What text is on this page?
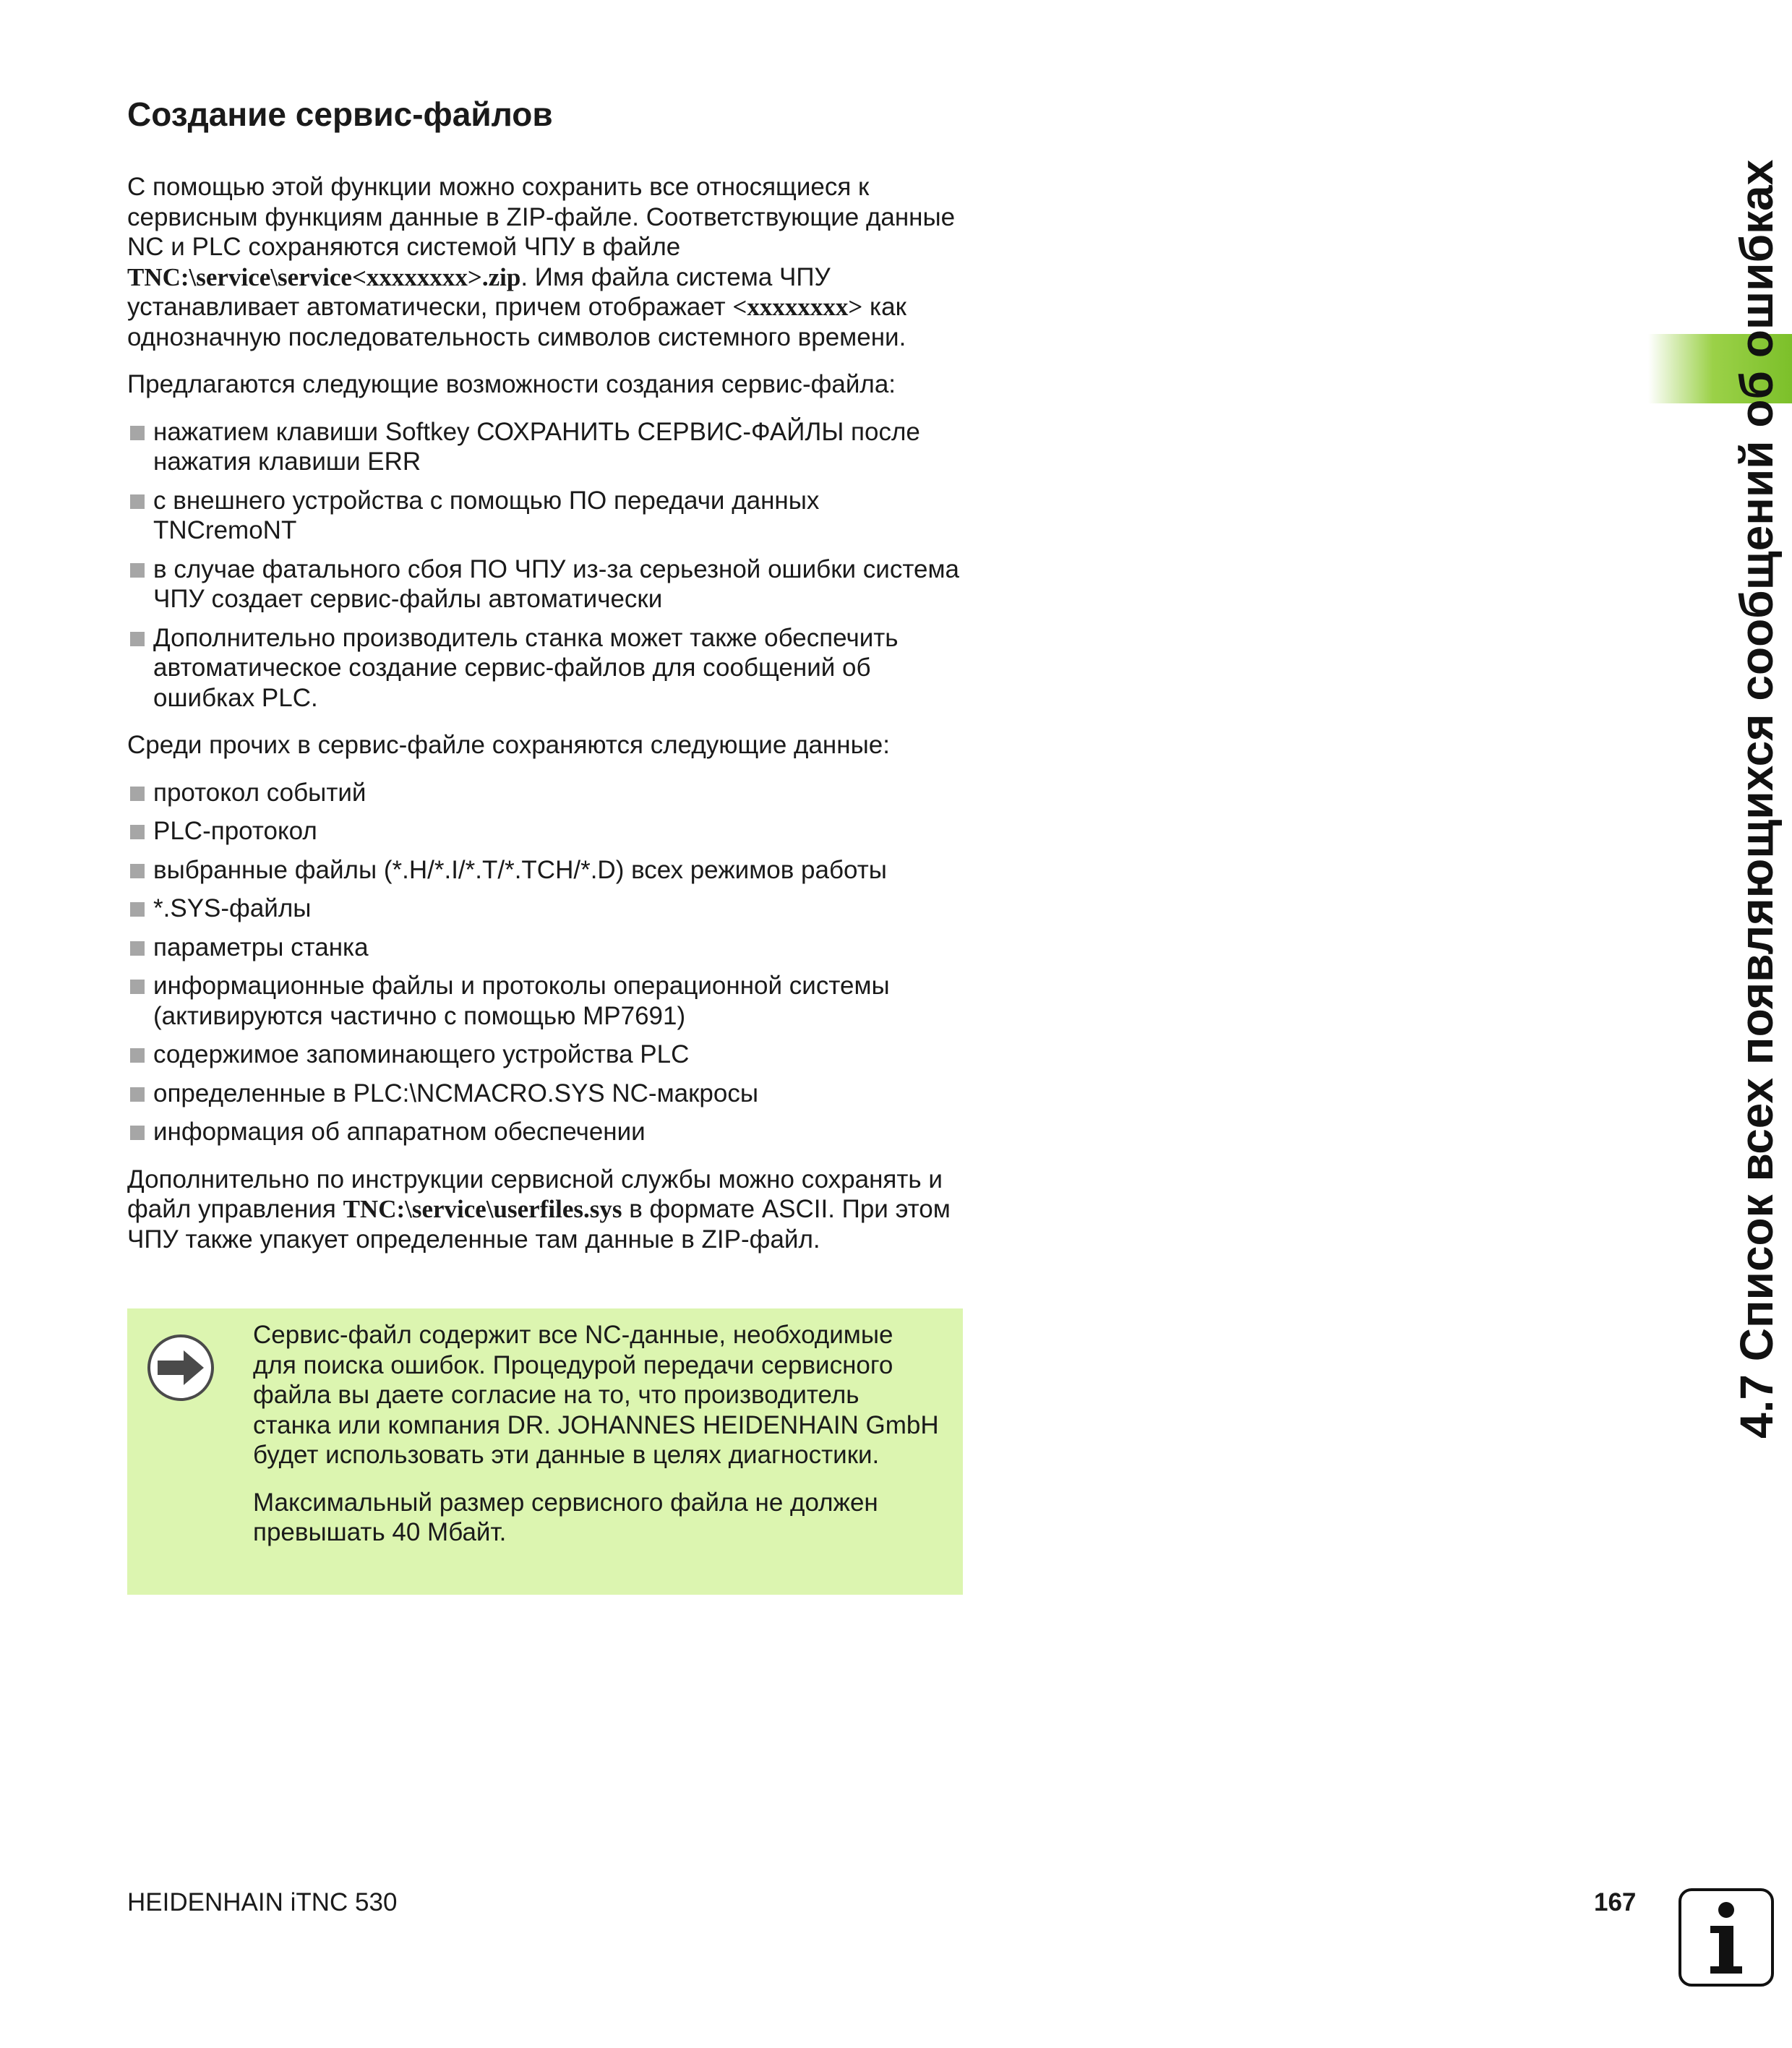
Создание сервис-файлов

С помощью этой функции можно сохранить все относящиеся к сервисным функциям данные в ZIP-файле. Соответствующие данные NC и PLC сохраняются системой ЧПУ в файле TNC:\service\service<xxxxxxxx>.zip. Имя файла система ЧПУ устанавливает автоматически, причем отображает <xxxxxxxx> как однозначную последовательность символов системного времени.

Предлагаются следующие возможности создания сервис-файла:

нажатием клавиши Softkey СОХРАНИТЬ СЕРВИС-ФАЙЛЫ после нажатия клавиши ERR
с внешнего устройства с помощью ПО передачи данных TNCremoNT
в случае фатального сбоя ПО ЧПУ из-за серьезной ошибки система ЧПУ создает сервис-файлы автоматически
Дополнительно производитель станка может также обеспечить автоматическое создание сервис-файлов для сообщений об ошибках PLC.

Среди прочих в сервис-файле сохраняются следующие данные:

протокол событий
PLC-протокол
выбранные файлы (*.H/*.I/*.T/*.TCH/*.D) всех режимов работы
*.SYS-файлы
параметры станка
информационные файлы и протоколы операционной системы (активируются частично с помощью MP7691)
содержимое запоминающего устройства PLC
определенные в PLC:\NCMACRO.SYS NC-макросы
информация об аппаратном обеспечении

Дополнительно по инструкции сервисной службы можно сохранять и файл управления TNC:\service\userfiles.sys в формате ASCII. При этом ЧПУ также упакует определенные там данные в ZIP-файл.

Сервис-файл содержит все NC-данные, необходимые для поиска ошибок. Процедурой передачи сервисного файла вы даете согласие на то, что производитель станка или компания DR. JOHANNES HEIDENHAIN GmbH будет использовать эти данные в целях диагностики.

Максимальный размер сервисного файла не должен превышать 40 Мбайт.

4.7 Список всех появляющихся сообщений об ошибках
HEIDENHAIN iTNC 530	167
